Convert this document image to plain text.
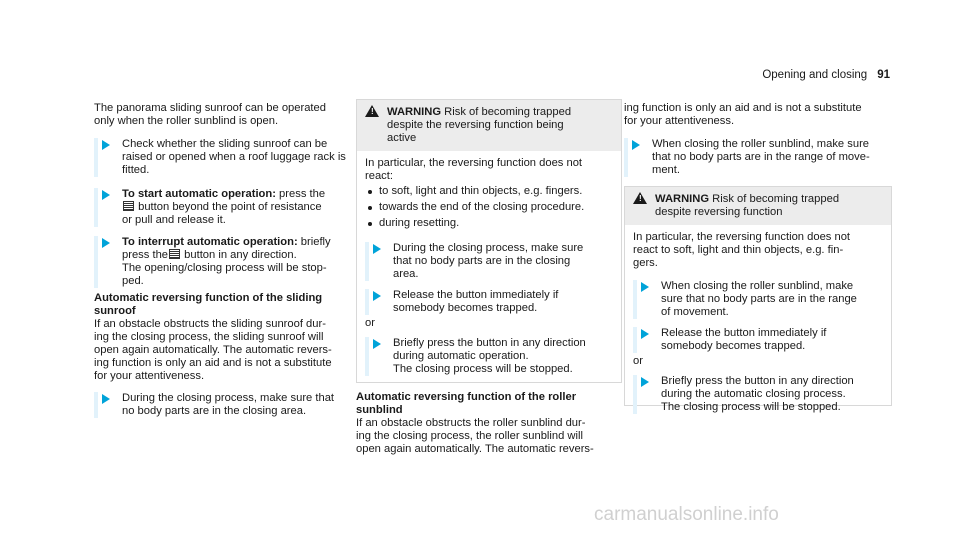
Opening and closing 91

The panorama sliding sunroof can be operated

only when the roller sunblind is open.

Check whether the sliding sunroof can be

raised or opened when a roof luggage rack is

fitted.

To start automatic operation: press the

button beyond the point of resistance

or pull and release it.

To interrupt automatic operation: briefly

press the button in any direction.

The opening/closing process will be stop-

ped.

Automatic reversing function of the sliding

sunroof

If an obstacle obstructs the sliding sunroof dur-

ing the closing process, the sliding sunroof will

open again automatically. The automatic revers-

ing function is only an aid and is not a substitute

for your attentiveness.

During the closing process, make sure that

no body parts are in the closing area.

! WARNING Risk of becoming trapped

despite the reversing function being

active

In particular, the reversing function does not

react:

to soft, light and thin objects, e.g. fingers.

towards the end of the closing procedure.

during resetting.

During the closing process, make sure

that no body parts are in the closing

area.

Release the button immediately if

somebody becomes trapped.

or

Briefly press the button in any direction

during automatic operation.

The closing process will be stopped.

Automatic reversing function of the roller

sunblind

If an obstacle obstructs the roller sunblind dur-

ing the closing process, the roller sunblind will

open again automatically. The automatic revers-

ing function is only an aid and is not a substitute

for your attentiveness.

When closing the roller sunblind, make sure

that no body parts are in the range of move-

ment.

! WARNING Risk of becoming trapped

despite reversing function

In particular, the reversing function does not

react to soft, light and thin objects, e.g. fin-

gers.

When closing the roller sunblind, make

sure that no body parts are in the range

of movement.

Release the button immediately if

somebody becomes trapped.

or

Briefly press the button in any direction

during the automatic closing process.

The closing process will be stopped.

carmanualsonline.info
